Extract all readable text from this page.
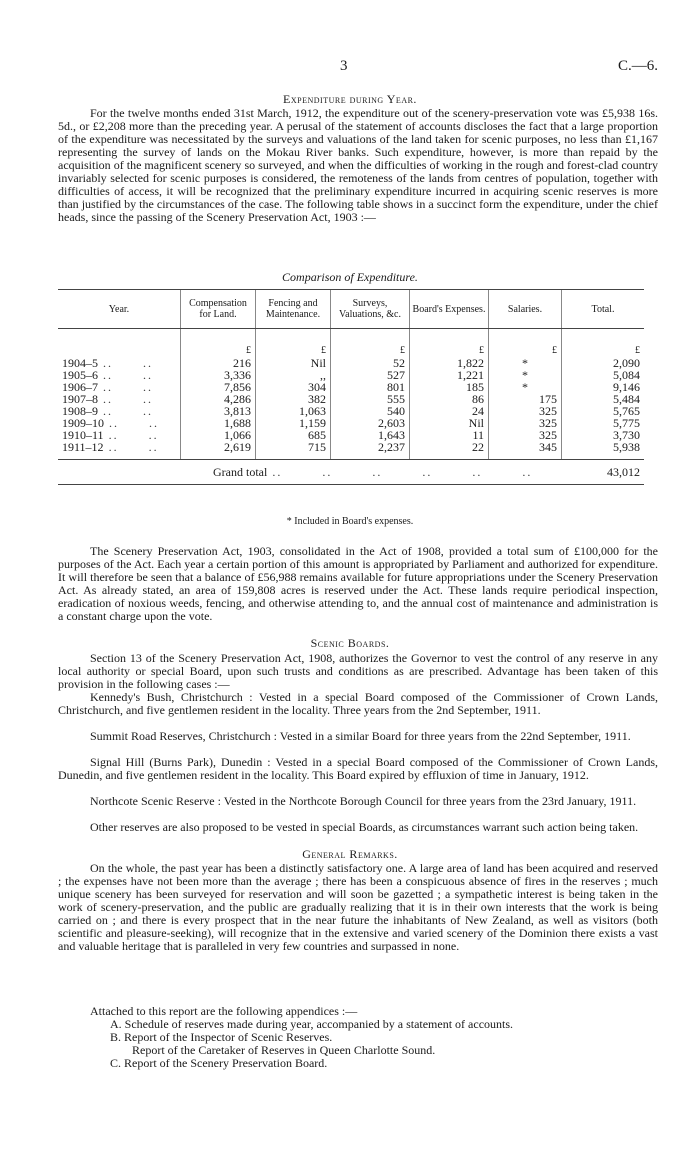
3	C.—6.
Expenditure during Year.

For the twelve months ended 31st March, 1912, the expenditure out of the scenery-preservation vote was £5,938 16s. 5d., or £2,208 more than the preceding year. A perusal of the statement of accounts discloses the fact that a large proportion of the expenditure was necessitated by the surveys and valuations of the land taken for scenic purposes, no less than £1,167 representing the survey of lands on the Mokau River banks. Such expenditure, however, is more than repaid by the acquisition of the magnificent scenery so surveyed, and when the difficulties of working in the rough and forest-clad country invariably selected for scenic purposes is considered, the remoteness of the lands from centres of population, together with difficulties of access, it will be recognized that the preliminary expenditure incurred in acquiring scenic reserves is more than justified by the circumstances of the case. The following table shows in a succinct form the expenditure, under the chief heads, since the passing of the Scenery Preservation Act, 1903 :—

Comparison of Expenditure.
Year.	Compensation for Land.	Fencing and Maintenance.	Surveys, Valuations, &c.	Board's Expenses.	Salaries.	Total.
	£	£	£	£	£	£
1904–5 ..      ..	216	Nil	52	1,822	*	2,090
1905–6 ..      ..	3,336	,,	527	1,221	*	5,084
1906–7 ..      ..	7,856	304	801	185	*	9,146
1907–8 ..      ..	4,286	382	555	86	175	5,484
1908–9 ..      ..	3,813	1,063	540	24	325	5,765
1909–10 ..      ..	1,688	1,159	2,603	Nil	325	5,775
1910–11 ..      ..	1,066	685	1,643	11	325	3,730
1911–12 ..      ..	2,619	715	2,237	22	345	5,938
Grand total ..        ..        ..        ..        ..        ..						43,012
* Included in Board's expenses.

The Scenery Preservation Act, 1903, consolidated in the Act of 1908, provided a total sum of £100,000 for the purposes of the Act. Each year a certain portion of this amount is appropriated by Parliament and authorized for expenditure. It will therefore be seen that a balance of £56,988 remains available for future appropriations under the Scenery Preservation Act. As already stated, an area of 159,808 acres is reserved under the Act. These lands require periodical inspection, eradication of noxious weeds, fencing, and otherwise attending to, and the annual cost of maintenance and administration is a constant charge upon the vote.

Scenic Boards.

Section 13 of the Scenery Preservation Act, 1908, authorizes the Governor to vest the control of any reserve in any local authority or special Board, upon such trusts and conditions as are prescribed. Advantage has been taken of this provision in the following cases :—

Kennedy's Bush, Christchurch : Vested in a special Board composed of the Commissioner of Crown Lands, Christchurch, and five gentlemen resident in the locality. Three years from the 2nd September, 1911.

Summit Road Reserves, Christchurch : Vested in a similar Board for three years from the 22nd September, 1911.

Signal Hill (Burns Park), Dunedin : Vested in a special Board composed of the Commissioner of Crown Lands, Dunedin, and five gentlemen resident in the locality. This Board expired by effluxion of time in January, 1912.

Northcote Scenic Reserve : Vested in the Northcote Borough Council for three years from the 23rd January, 1911.

Other reserves are also proposed to be vested in special Boards, as circumstances warrant such action being taken.

General Remarks.

On the whole, the past year has been a distinctly satisfactory one. A large area of land has been acquired and reserved ; the expenses have not been more than the average ; there has been a conspicuous absence of fires in the reserves ; much unique scenery has been surveyed for reservation and will soon be gazetted ; a sympathetic interest is being taken in the work of scenery-preservation, and the public are gradually realizing that it is in their own interests that the work is being carried on ; and there is every prospect that in the near future the inhabitants of New Zealand, as well as visitors (both scientific and pleasure-seeking), will recognize that in the extensive and varied scenery of the Dominion there exists a vast and valuable heritage that is paralleled in very few countries and surpassed in none.

Attached to this report are the following appendices :—

A. Schedule of reserves made during year, accompanied by a statement of accounts.
B. Report of the Inspector of Scenic Reserves.
Report of the Caretaker of Reserves in Queen Charlotte Sound.
C. Report of the Scenery Preservation Board.
